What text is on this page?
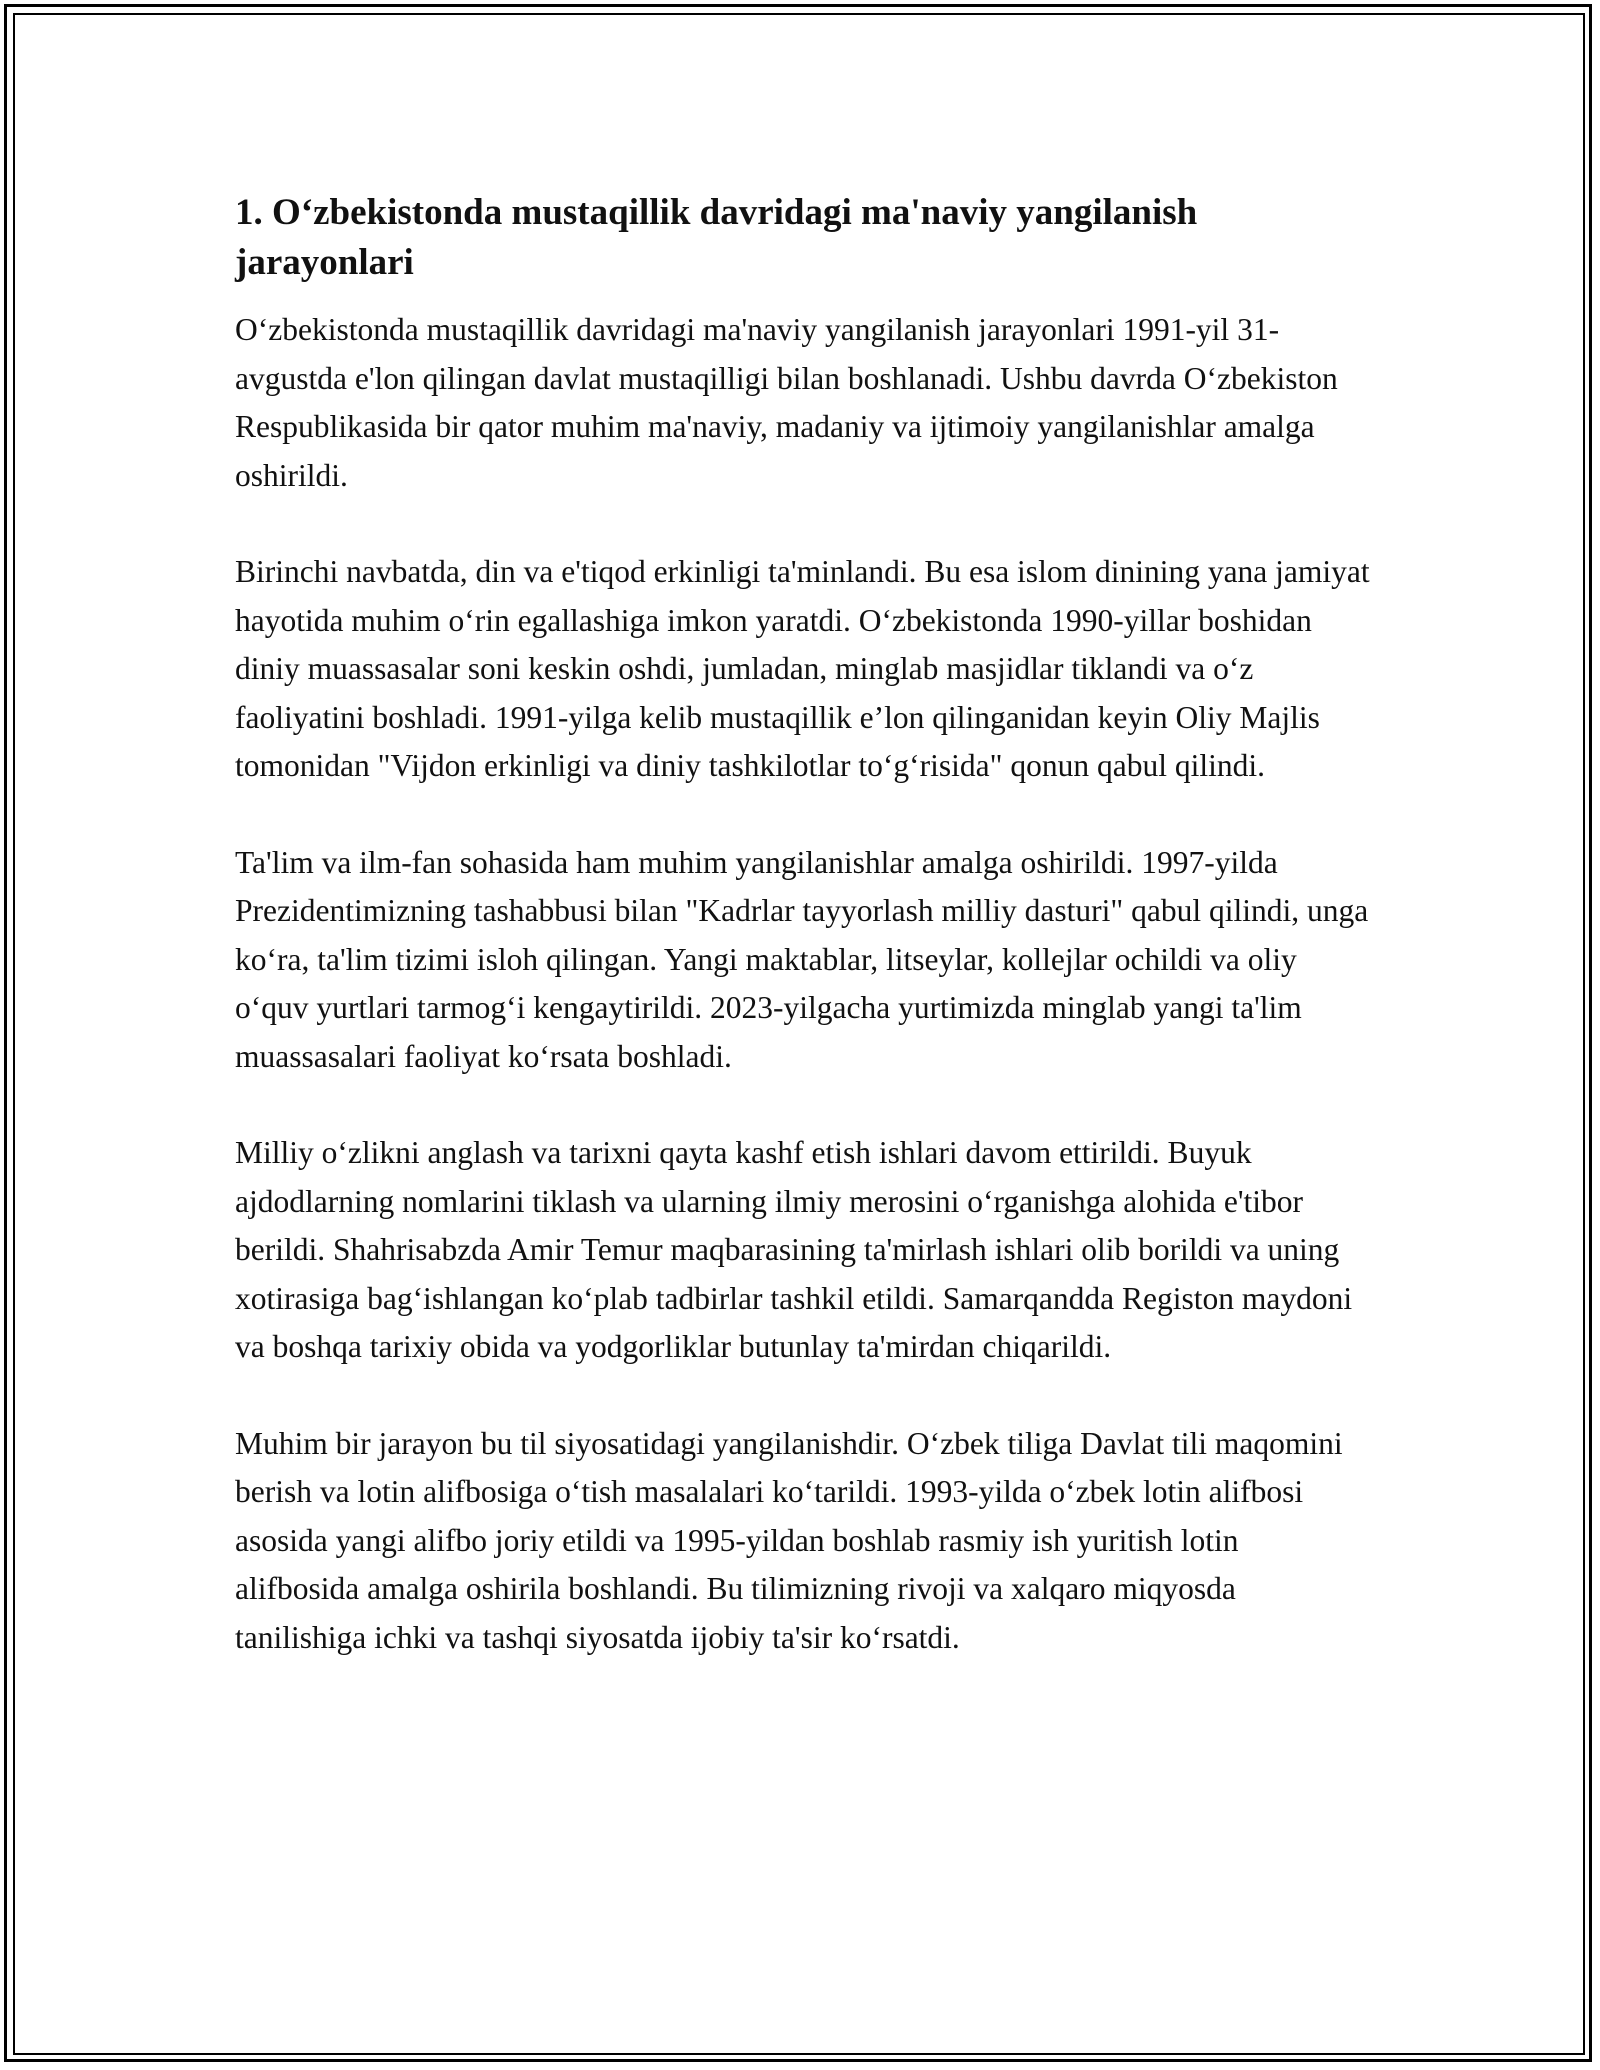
1. Oʻzbekistonda mustaqillik davridagi ma'naviy yangilanish jarayonlari

Oʻzbekistonda mustaqillik davridagi ma'naviy yangilanish jarayonlari 1991-yil 31-avgustda e'lon qilingan davlat mustaqilligi bilan boshlanadi. Ushbu davrda Oʻzbekiston Respublikasida bir qator muhim ma'naviy, madaniy va ijtimoiy yangilanishlar amalga oshirildi.

Birinchi navbatda, din va e'tiqod erkinligi ta'minlandi. Bu esa islom dinining yana jamiyat hayotida muhim oʻrin egallashiga imkon yaratdi. Oʻzbekistonda 1990-yillar boshidan diniy muassasalar soni keskin oshdi, jumladan, minglab masjidlar tiklandi va oʻz faoliyatini boshladi. 1991-yilga kelib mustaqillik e’lon qilinganidan keyin Oliy Majlis tomonidan "Vijdon erkinligi va diniy tashkilotlar toʻgʻrisida" qonun qabul qilindi.

Ta'lim va ilm-fan sohasida ham muhim yangilanishlar amalga oshirildi. 1997-yilda Prezidentimizning tashabbusi bilan "Kadrlar tayyorlash milliy dasturi" qabul qilindi, unga koʻra, ta'lim tizimi isloh qilingan. Yangi maktablar, litseylar, kollejlar ochildi va oliy oʻquv yurtlari tarmogʻi kengaytirildi. 2023-yilgacha yurtimizda minglab yangi ta'lim muassasalari faoliyat koʻrsata boshladi.

Milliy oʻzlikni anglash va tarixni qayta kashf etish ishlari davom ettirildi. Buyuk ajdodlarning nomlarini tiklash va ularning ilmiy merosini oʻrganishga alohida e'tibor berildi. Shahrisabzda Amir Temur maqbarasining ta'mirlash ishlari olib borildi va uning xotirasiga bagʻishlangan koʻplab tadbirlar tashkil etildi. Samarqandda Registon maydoni va boshqa tarixiy obida va yodgorliklar butunlay ta'mirdan chiqarildi.

Muhim bir jarayon bu til siyosatidagi yangilanishdir. Oʻzbek tiliga Davlat tili maqomini berish va lotin alifbosiga oʻtish masalalari koʻtarildi. 1993-yilda oʻzbek lotin alifbosi asosida yangi alifbo joriy etildi va 1995-yildan boshlab rasmiy ish yuritish lotin alifbosida amalga oshirila boshlandi. Bu tilimizning rivoji va xalqaro miqyosda tanilishiga ichki va tashqi siyosatda ijobiy ta'sir koʻrsatdi.
